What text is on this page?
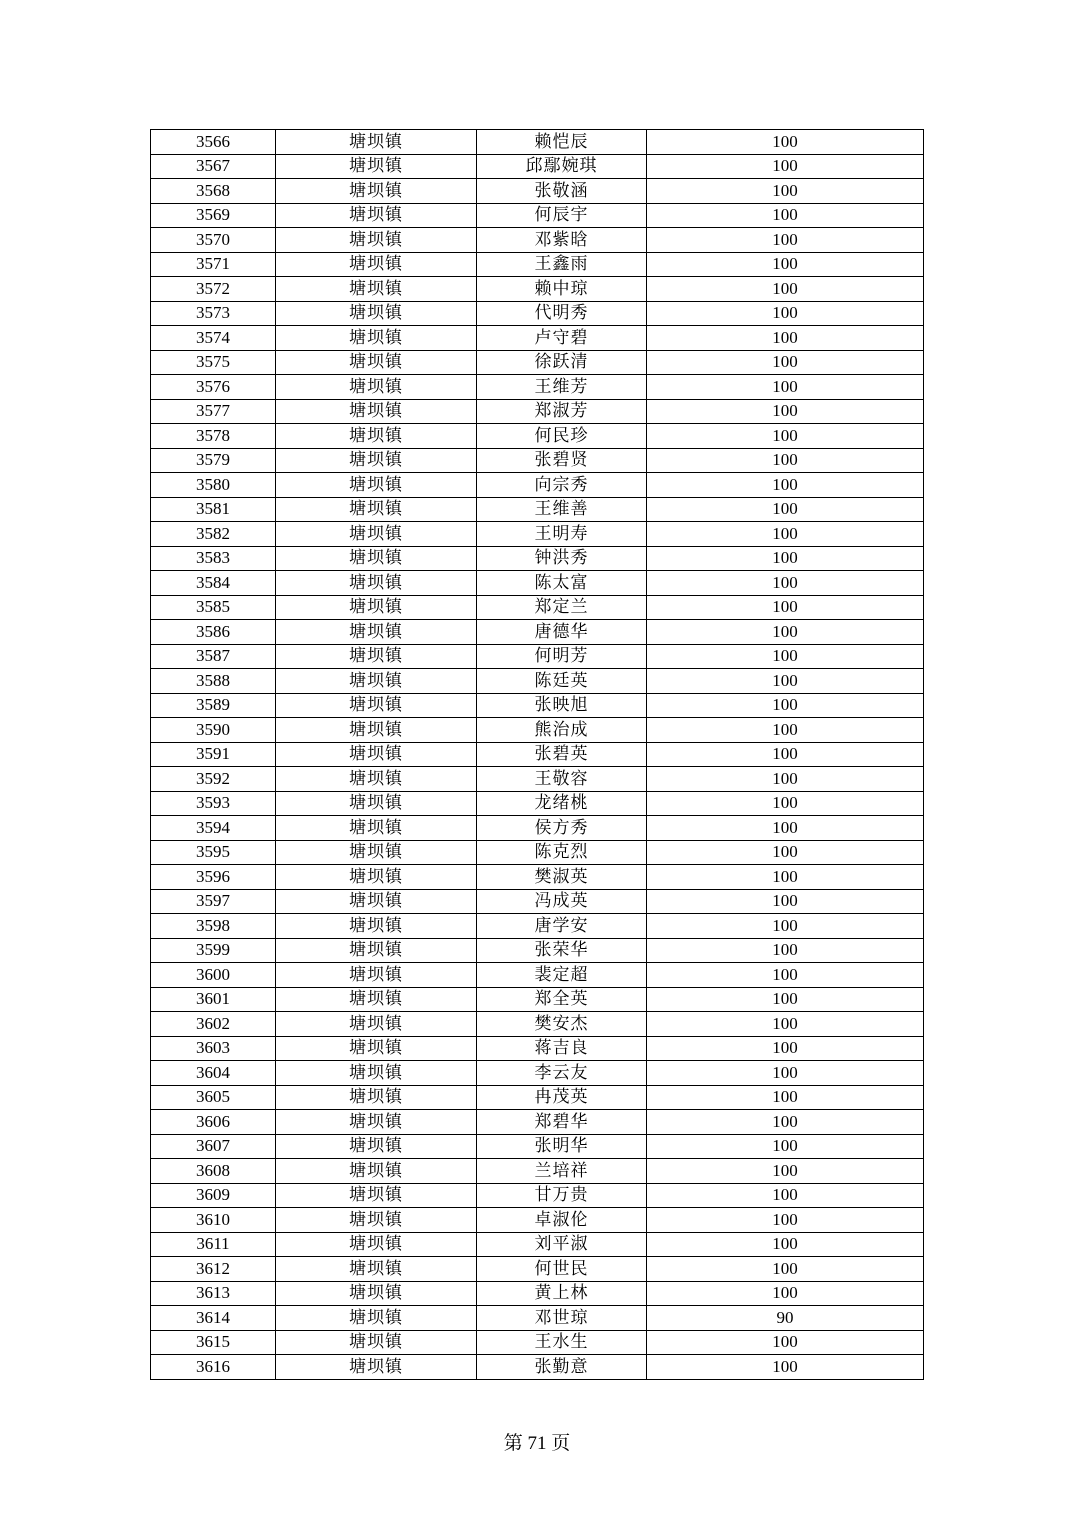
3566	塘坝镇	赖恺辰	100
3567	塘坝镇	邱鄢婉琪	100
3568	塘坝镇	张敬涵	100
3569	塘坝镇	何辰宇	100
3570	塘坝镇	邓紫晗	100
3571	塘坝镇	王鑫雨	100
3572	塘坝镇	赖中琼	100
3573	塘坝镇	代明秀	100
3574	塘坝镇	卢守碧	100
3575	塘坝镇	徐跃清	100
3576	塘坝镇	王维芳	100
3577	塘坝镇	郑淑芳	100
3578	塘坝镇	何民珍	100
3579	塘坝镇	张碧贤	100
3580	塘坝镇	向宗秀	100
3581	塘坝镇	王维善	100
3582	塘坝镇	王明寿	100
3583	塘坝镇	钟洪秀	100
3584	塘坝镇	陈太富	100
3585	塘坝镇	郑定兰	100
3586	塘坝镇	唐德华	100
3587	塘坝镇	何明芳	100
3588	塘坝镇	陈廷英	100
3589	塘坝镇	张映旭	100
3590	塘坝镇	熊治成	100
3591	塘坝镇	张碧英	100
3592	塘坝镇	王敬容	100
3593	塘坝镇	龙绪桃	100
3594	塘坝镇	侯方秀	100
3595	塘坝镇	陈克烈	100
3596	塘坝镇	樊淑英	100
3597	塘坝镇	冯成英	100
3598	塘坝镇	唐学安	100
3599	塘坝镇	张荣华	100
3600	塘坝镇	裴定超	100
3601	塘坝镇	郑全英	100
3602	塘坝镇	樊安杰	100
3603	塘坝镇	蒋吉良	100
3604	塘坝镇	李云友	100
3605	塘坝镇	冉茂英	100
3606	塘坝镇	郑碧华	100
3607	塘坝镇	张明华	100
3608	塘坝镇	兰培祥	100
3609	塘坝镇	甘万贵	100
3610	塘坝镇	卓淑伦	100
3611	塘坝镇	刘平淑	100
3612	塘坝镇	何世民	100
3613	塘坝镇	黄上林	100
3614	塘坝镇	邓世琼	90
3615	塘坝镇	王水生	100
3616	塘坝镇	张勤意	100
第 71 页
